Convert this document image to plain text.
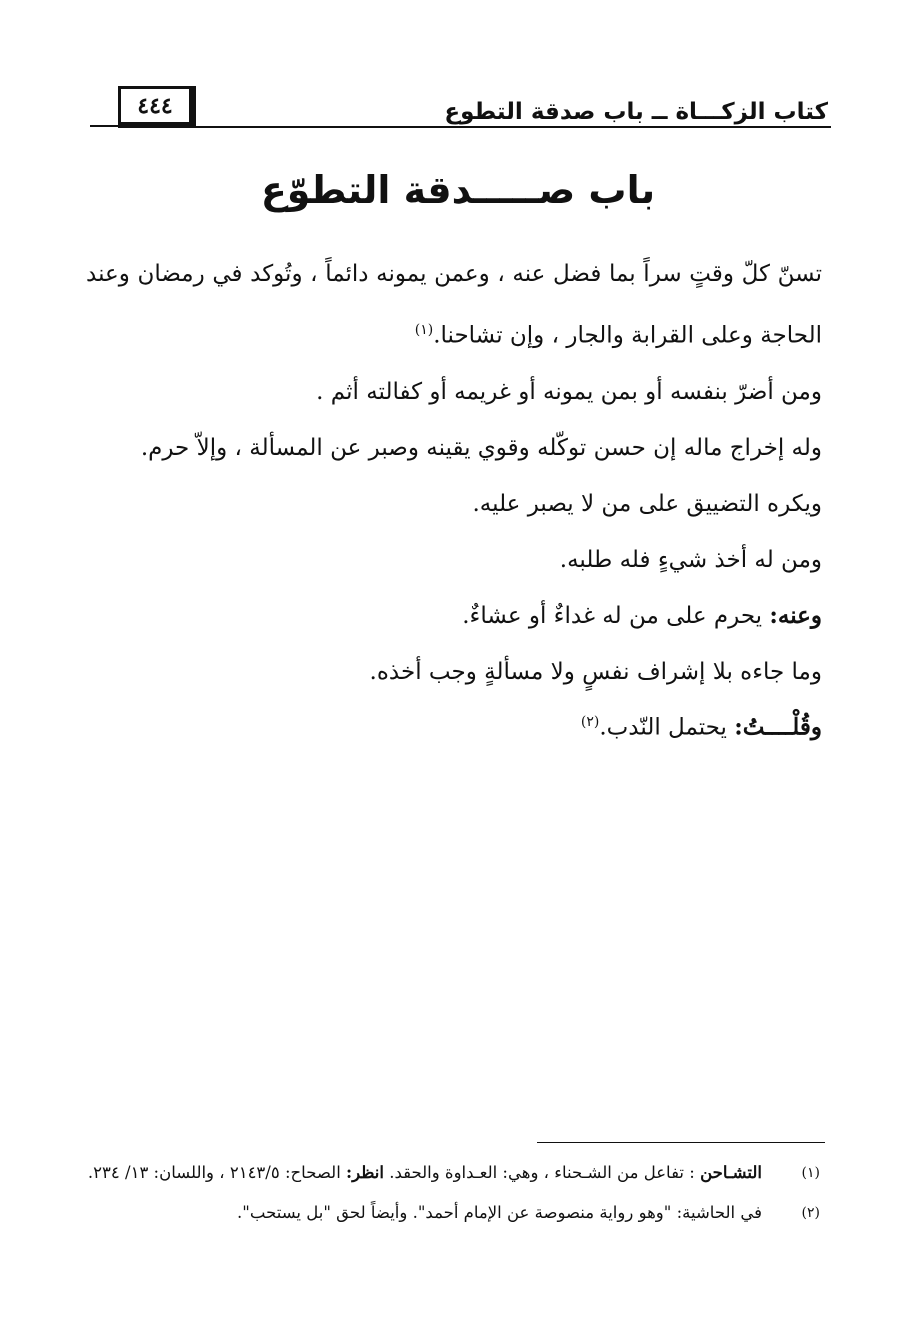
٤٤٤	كتاب الزكـــاة ــ باب صدقة التطوع
باب صـــــدقة التطوّع

تسنّ كلّ وقتٍ سراً بما فضل عنه ، وعمن يمونه دائماً ، وتُوكد في رمضان وعند الحاجة وعلى القرابة والجار ، وإن تشاحنا.$^{(١)}$

ومن أضرّ بنفسه أو بمن يمونه أو غريمه أو كفالته أثم .

وله إخراج ماله إن حسن توكّله وقوي يقينه وصبر عن المسألة ، وإلاّ حرم.

ويكره التضييق على من لا يصبر عليه.

ومن له أخذ شيءٍ فله طلبه.

وعنه: يحرم على من له غداءٌ أو عشاءٌ.

وما جاءه بلا إشراف نفسٍ ولا مسألةٍ وجب أخذه.

وقُلْــــتُ: يحتمل النّدب.$^{(٢)}$

(١)
التشـاحن : تفاعل من الشـحناء ، وهي: العـداوة والحقد. انظر: الصحاح: ٢١٤٣/٥ ، واللسان: ١٣/ ٢٣٤.
(٢)
في الحاشية: "وهو رواية منصوصة عن الإمام أحمد". وأيضاً لحق "بل يستحب".
